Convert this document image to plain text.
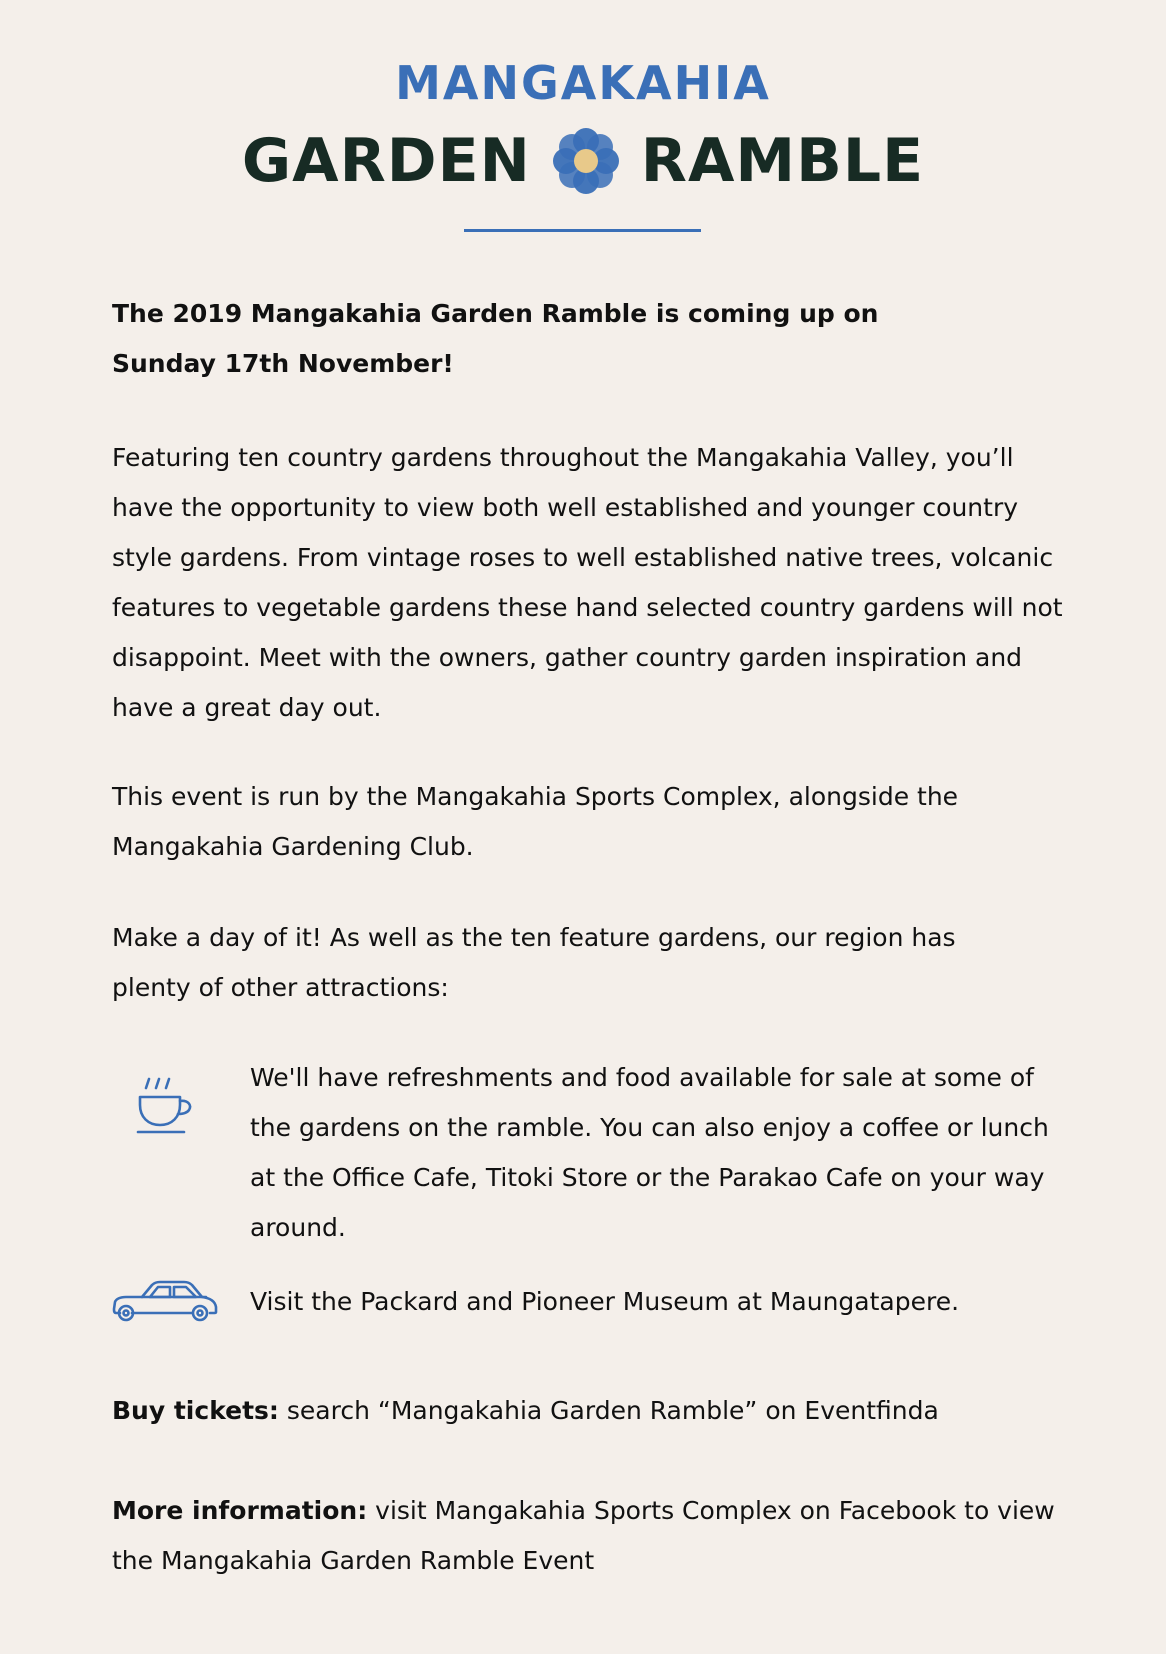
MANGAKAHIA
GARDEN RAMBLE

The 2019 Mangakahia Garden Ramble is coming up on Sunday 17th November!

Featuring ten country gardens throughout the Mangakahia Valley, you’ll have the opportunity to view both well established and younger country style gardens. From vintage roses to well established native trees, volcanic features to vegetable gardens these hand selected country gardens will not disappoint. Meet with the owners, gather country garden inspiration and have a great day out.

This event is run by the Mangakahia Sports Complex, alongside the Mangakahia Gardening Club.

Make a day of it! As well as the ten feature gardens, our region has plenty of other attractions:

We'll have refreshments and food available for sale at some of the gardens on the ramble. You can also enjoy a coffee or lunch at the Office Cafe, Titoki Store or the Parakao Cafe on your way around.

Visit the Packard and Pioneer Museum at Maungatapere.

Buy tickets: search “Mangakahia Garden Ramble” on Eventfinda

More information: visit Mangakahia Sports Complex on Facebook to view the Mangakahia Garden Ramble Event
